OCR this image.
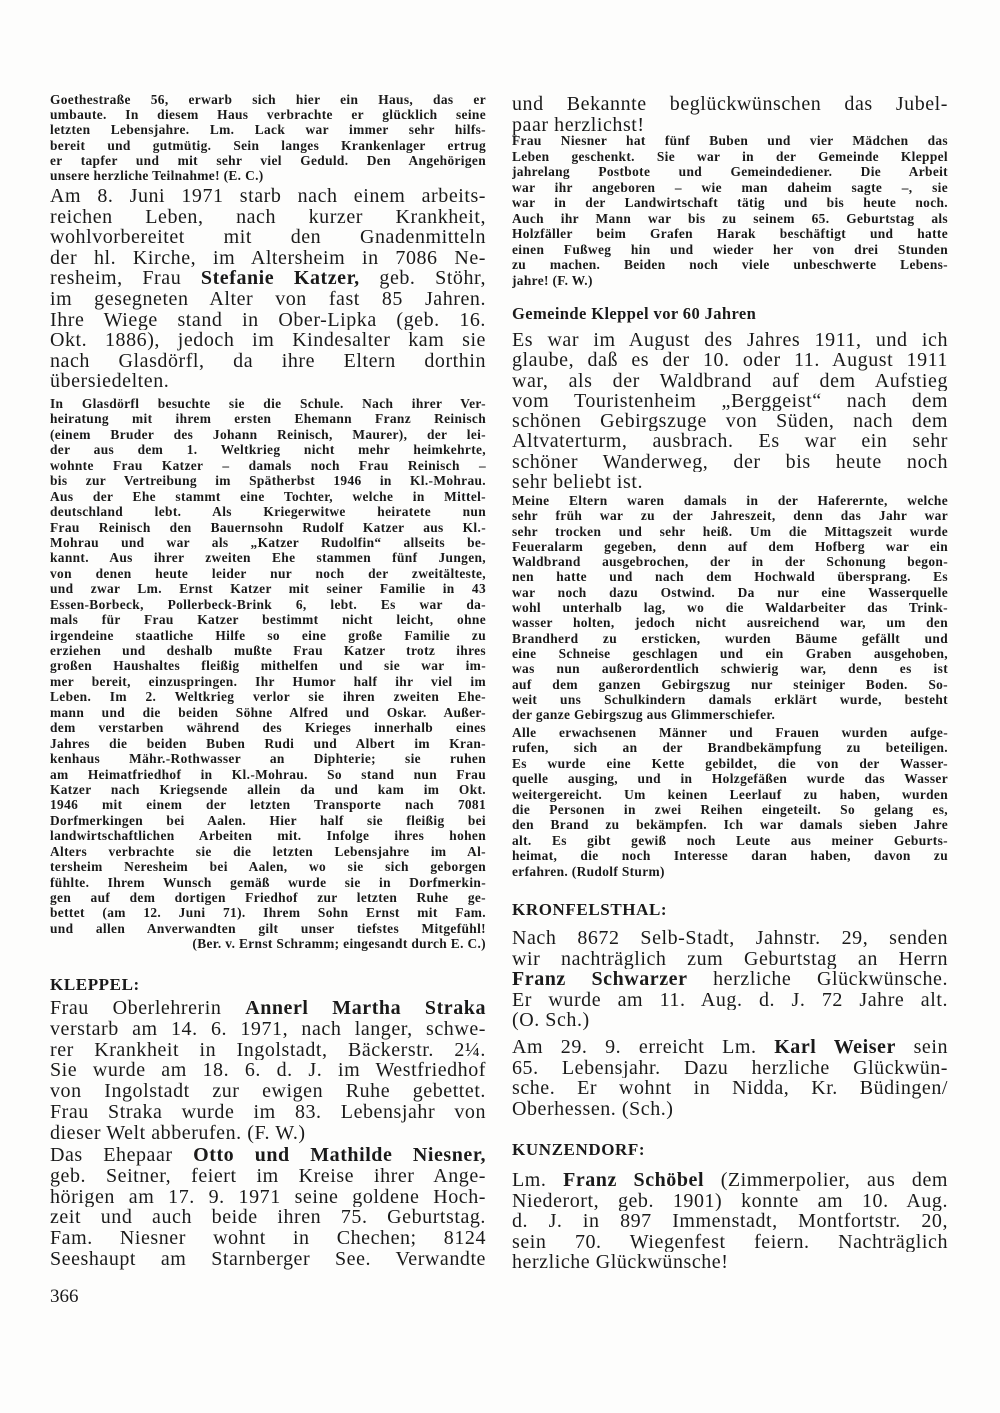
Goethestraße 56, erwarb sich hier ein Haus, das er
umbaute. In diesem Haus verbrachte er glücklich seine
letzten Lebensjahre. Lm. Lack war immer sehr hilfs-
bereit und gutmütig. Sein langes Krankenlager ertrug
er tapfer und mit sehr viel Geduld. Den Angehörigen
unsere herzliche Teilnahme! (E. C.)
Am 8. Juni 1971 starb nach einem arbeits-
reichen Leben, nach kurzer Krankheit,
wohlvorbereitet mit den Gnadenmitteln
der hl. Kirche, im Altersheim in 7086 Ne-
resheim, Frau Stefanie Katzer, geb. Stöhr,
im gesegneten Alter von fast 85 Jahren.
Ihre Wiege stand in Ober-Lipka (geb. 16.
Okt. 1886), jedoch im Kindesalter kam sie
nach Glasdörfl, da ihre Eltern dorthin
übersiedelten.
In Glasdörfl besuchte sie die Schule. Nach ihrer Ver-
heiratung mit ihrem ersten Ehemann Franz Reinisch
(einem Bruder des Johann Reinisch, Maurer), der lei-
der aus dem 1. Weltkrieg nicht mehr heimkehrte,
wohnte Frau Katzer – damals noch Frau Reinisch –
bis zur Vertreibung im Spätherbst 1946 in Kl.-Mohrau.
Aus der Ehe stammt eine Tochter, welche in Mittel-
deutschland lebt. Als Kriegerwitwe heiratete nun
Frau Reinisch den Bauernsohn Rudolf Katzer aus Kl.-
Mohrau und war als „Katzer Rudolfin“ allseits be-
kannt. Aus ihrer zweiten Ehe stammen fünf Jungen,
von denen heute leider nur noch der zweitälteste,
und zwar Lm. Ernst Katzer mit seiner Familie in 43
Essen-Borbeck, Pollerbeck-Brink 6, lebt. Es war da-
mals für Frau Katzer bestimmt nicht leicht, ohne
irgendeine staatliche Hilfe so eine große Familie zu
erziehen und deshalb mußte Frau Katzer trotz ihres
großen Haushaltes fleißig mithelfen und sie war im-
mer bereit, einzuspringen. Ihr Humor half ihr viel im
Leben. Im 2. Weltkrieg verlor sie ihren zweiten Ehe-
mann und die beiden Söhne Alfred und Oskar. Außer-
dem verstarben während des Krieges innerhalb eines
Jahres die beiden Buben Rudi und Albert im Kran-
kenhaus Mähr.-Rothwasser an Diphterie; sie ruhen
am Heimatfriedhof in Kl.-Mohrau. So stand nun Frau
Katzer nach Kriegsende allein da und kam im Okt.
1946 mit einem der letzten Transporte nach 7081
Dorfmerkingen bei Aalen. Hier half sie fleißig bei
landwirtschaftlichen Arbeiten mit. Infolge ihres hohen
Alters verbrachte sie die letzten Lebensjahre im Al-
tersheim Neresheim bei Aalen, wo sie sich geborgen
fühlte. Ihrem Wunsch gemäß wurde sie in Dorfmerkin-
gen auf dem dortigen Friedhof zur letzten Ruhe ge-
bettet (am 12. Juni 71). Ihrem Sohn Ernst mit Fam.
und allen Anverwandten gilt unser tiefstes Mitgefühl!
(Ber. v. Ernst Schramm; eingesandt durch E. C.)
KLEPPEL:
Frau Oberlehrerin Annerl Martha Straka
verstarb am 14. 6. 1971, nach langer, schwe-
rer Krankheit in Ingolstadt, Bäckerstr. 2¼.
Sie wurde am 18. 6. d. J. im Westfriedhof
von Ingolstadt zur ewigen Ruhe gebettet.
Frau Straka wurde im 83. Lebensjahr von
dieser Welt abberufen. (F. W.)
Das Ehepaar Otto und Mathilde Niesner,
geb. Seitner, feiert im Kreise ihrer Ange-
hörigen am 17. 9. 1971 seine goldene Hoch-
zeit und auch beide ihren 75. Geburtstag.
Fam. Niesner wohnt in Chechen; 8124
Seeshaupt am Starnberger See. Verwandte
und Bekannte beglückwünschen das Jubel-
paar herzlichst!
Frau Niesner hat fünf Buben und vier Mädchen das
Leben geschenkt. Sie war in der Gemeinde Kleppel
jahrelang Postbote und Gemeindediener. Die Arbeit
war ihr angeboren – wie man daheim sagte –, sie
war in der Landwirtschaft tätig und bis heute noch.
Auch ihr Mann war bis zu seinem 65. Geburtstag als
Holzfäller beim Grafen Harak beschäftigt und hatte
einen Fußweg hin und wieder her von drei Stunden
zu machen. Beiden noch viele unbeschwerte Lebens-
jahre! (F. W.)
Gemeinde Kleppel vor 60 Jahren
Es war im August des Jahres 1911, und ich
glaube, daß es der 10. oder 11. August 1911
war, als der Waldbrand auf dem Aufstieg
vom Touristenheim „Berggeist“ nach dem
schönen Gebirgszuge von Süden, nach dem
Altvaterturm, ausbrach. Es war ein sehr
schöner Wanderweg, der bis heute noch
sehr beliebt ist.
Meine Eltern waren damals in der Haferernte, welche
sehr früh war zu der Jahreszeit, denn das Jahr war
sehr trocken und sehr heiß. Um die Mittagszeit wurde
Feueralarm gegeben, denn auf dem Hofberg war ein
Waldbrand ausgebrochen, der in der Schonung begon-
nen hatte und nach dem Hochwald übersprang. Es
war noch dazu Ostwind. Da nur eine Wasserquelle
wohl unterhalb lag, wo die Waldarbeiter das Trink-
wasser holten, jedoch nicht ausreichend war, um den
Brandherd zu ersticken, wurden Bäume gefällt und
eine Schneise geschlagen und ein Graben ausgehoben,
was nun außerordentlich schwierig war, denn es ist
auf dem ganzen Gebirgszug nur steiniger Boden. So-
weit uns Schulkindern damals erklärt wurde, besteht
der ganze Gebirgszug aus Glimmerschiefer.
Alle erwachsenen Männer und Frauen wurden aufge-
rufen, sich an der Brandbekämpfung zu beteiligen.
Es wurde eine Kette gebildet, die von der Wasser-
quelle ausging, und in Holzgefäßen wurde das Wasser
weitergereicht. Um keinen Leerlauf zu haben, wurden
die Personen in zwei Reihen eingeteilt. So gelang es,
den Brand zu bekämpfen. Ich war damals sieben Jahre
alt. Es gibt gewiß noch Leute aus meiner Geburts-
heimat, die noch Interesse daran haben, davon zu
erfahren. (Rudolf Sturm)
KRONFELSTHAL:
Nach 8672 Selb-Stadt, Jahnstr. 29, senden
wir nachträglich zum Geburtstag an Herrn
Franz Schwarzer herzliche Glückwünsche.
Er wurde am 11. Aug. d. J. 72 Jahre alt.
(O. Sch.)
Am 29. 9. erreicht Lm. Karl Weiser sein
65. Lebensjahr. Dazu herzliche Glückwün-
sche. Er wohnt in Nidda, Kr. Büdingen/
Oberhessen. (Sch.)
KUNZENDORF:
Lm. Franz Schöbel (Zimmerpolier, aus dem
Niederort, geb. 1901) konnte am 10. Aug.
d. J. in 897 Immenstadt, Montfortstr. 20,
sein 70. Wiegenfest feiern. Nachträglich
herzliche Glückwünsche!
366
